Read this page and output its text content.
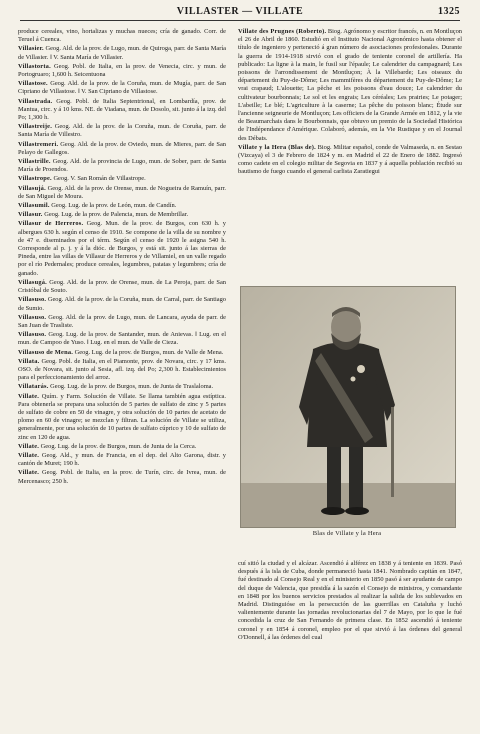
VILLASTER — VILLATE	1325

produce cereales, vino, hortalizas y muchas nueces; cría de ganado. Corr. de Teruel á Cuenca.

Villasier. Geog. Ald. de la prov. de Lugo, mun. de Quiroga, parr. de Santa María de Villasier. ‖ V. Santa María de Villasier.

Villastorta. Geog. Pobl. de Italia, en la prov. de Venecia, circ. y mun. de Portogruaro; 1,600 h. Seicentuona

Villastose. Geog. Ald. de la prov. de la Coruña, mun. de Mugía, parr. de San Cipriano de Villastose. ‖ V. San Cipriano de Villastose.

Villastrada. Geog. Pobl. de Italia Septentrional, en Lombardía, prov. de Mantua, circ. y á 10 kms. NE. de Viadana, mun. de Dosolo, sit. junto á la izq. del Po; 1,300 h.

Villastreije. Geog. Ald. de la prov. de la Coruña, mun. de Coruña, parr. de Santa María de Villestro.

Villastremeri. Geog. Ald. de la prov. de Oviedo, mun. de Mieres, parr. de San Pelayo de Gallegos.

Villastrille. Geog. Ald. de la provincia de Lugo, mun. de Sober, parr. de Santa María de Proendos.

Villastrope. Geog. V. San Román de Villastrope.

Villasujá. Geog. Ald. de la prov. de Orense, mun. de Nogueira de Ramuín, parr. de San Miguel de Moura.

Villasumil. Geog. Lug. de la prov. de León, mun. de Candín.

Villasur. Geog. Lug. de la prov. de Palencia, mun. de Membrillar.

Villasur de Herreros. Geog. Mun. de la prov. de Burgos, con 630 h. y albergues 630 h. según el censo de 1910. Se compone de la villa de su nombre y de 47 e. diseminados por el térm. Según el censo de 1920 le asigna 540 h. Corresponde al p. j. y á la dióc. de Burgos, y está sit. junto á las sierras de Pineda, entre las villas de Villasur de Herreros y de Villamiel, en un valle regado por el río Pedernales; produce cereales, legumbres, patatas y legumbres; cría de ganado.

Villasugá. Geog. Ald. de la prov. de Orense, mun. de La Peroja, parr. de San Cristóbal de Souto.

Villasuso. Geog. Ald. de la prov. de la Coruña, mun. de Carral, parr. de Santiago de Sumio.

Villasuso. Geog. Ald. de la prov. de Lugo, mun. de Lancara, ayuda de parr. de San Juan de Trasliste.

Villasuso. Geog. Lug. de la prov. de Santander, mun. de Anievas. ‖ Lug. en el mun. de Campoo de Yuso. ‖ Lug. en el mun. de Valle de Cieza.

Villasuso de Mena. Geog. Lug. de la prov. de Burgos, mun. de Valle de Mena.

Villata. Geog. Pobl. de Italia, en el Piamonte, prov. de Novara, circ. y 17 kms. OSO. de Novara, sit. junto al Sesia, afl. izq. del Po; 2,300 h. Establecimientos para el perfeccionamiento del arroz.

Villatarás. Geog. Lug. de la prov. de Burgos, mun. de Junta de Traslaloma.

Villate. Quím. y Farm. Solución de Villate. Se llama también agua estíptica. Para obtenerla se prepara una solución de 5 partes de sulfato de zinc y 5 partes de sulfato de cobre en 50 de vinagre, y otra solución de 10 partes de acetato de plomo en 60 de vinagre; se mezclan y filtran. La solución de Villate se utiliza, generalmente, por una solución de 10 partes de sulfato cúprico y 10 de sulfato de zinc en 120 de agua.

Villate. Geog. Lug. de la prov. de Burgos, mun. de Junta de la Cerca.

Villate. Geog. Ald., y mun. de Francia, en el dep. del Alto Garona, distr. y cantón de Muret; 190 h.

Villate. Geog. Pobl. de Italia, en la prov. de Turín, circ. de Ivrea, mun. de Mercenasco; 250 h.

Villate des Prugnes (Roberto). Biog. Agrónomo y escritor francés, n. en Montluçon el 26 de Abril de 1860. Estudió en el Instituto Nacional Agronómico hasta obtener el título de ingeniero y perteneció á gran número de asociaciones profesionales. Durante la guerra de 1914-1918 sirvió con el grado de teniente coronel de artillería. Ha publicado: La ligne à la main, le fusil sur l'épaule; Le calendrier du campagnard; Les poissons de l'arrondissement de Montluçon; À la Villebarde; Les oiseaux du département du Puy-de-Dôme; Les mammifères du département du Puy-de-Dôme; Le vrai crapaud; L'alouette; La pêche et les poissons d'eau douce; Le calendrier du cultivateur bourbonnais; Le sol et les engrais; Les céréales; Les prairies; Le potager; L'abeille; Le blé; L'agriculture à la caserne; La pêche du poisson blanc; Étude sur l'ancienne seigneurie de Montluçon; Les officiers de la Grande Armée en 1812, y la vie de Beaumarchais dans le Bourbonnais, que obtuvo un premio de la Sociedad Histórica de l'Indépendance d'Amérique. Colaboró, además, en la Vie Rustique y en el Journal des Débats.

Villate y la Hera (Blas de). Biog. Militar español, conde de Valmaseda, n. en Sestao (Vizcaya) el 3 de Febrero de 1824 y m. en Madrid el 22 de Enero de 1882. Ingresó como cadete en el colegio militar de Segovia en 1837 y á aquella población recibió su bautismo de fuego cuando el general carlista Zaratiegui

Blas de Villate y la Hera

cuí sitió la ciudad y el alcázar. Ascendió á alférez en 1838 y á teniente en 1839. Pasó después á la isla de Cuba, donde permaneció hasta 1841. Nombrado capitán en 1847, fué destinado al Consejo Real y en el ministerio en 1850 pasó á ser ayudante de campo del duque de Valencia, que presidía á la sazón el Consejo de ministros, y comandante en 1848 por los buenos servicios prestados al realizar la salida de los sublevados en Madrid. Distinguióse en la persecución de las guerrillas en Cataluña y luchó valientemente durante las jornadas revolucionarias del 7 de Mayo, por lo que le fué concedida la cruz de San Fernando de primera clase. En 1852 ascendió á teniente coronel y en 1854 á coronel, empleo por el que sirvió á las órdenes del general O'Donnell, á las órdenes del cual
